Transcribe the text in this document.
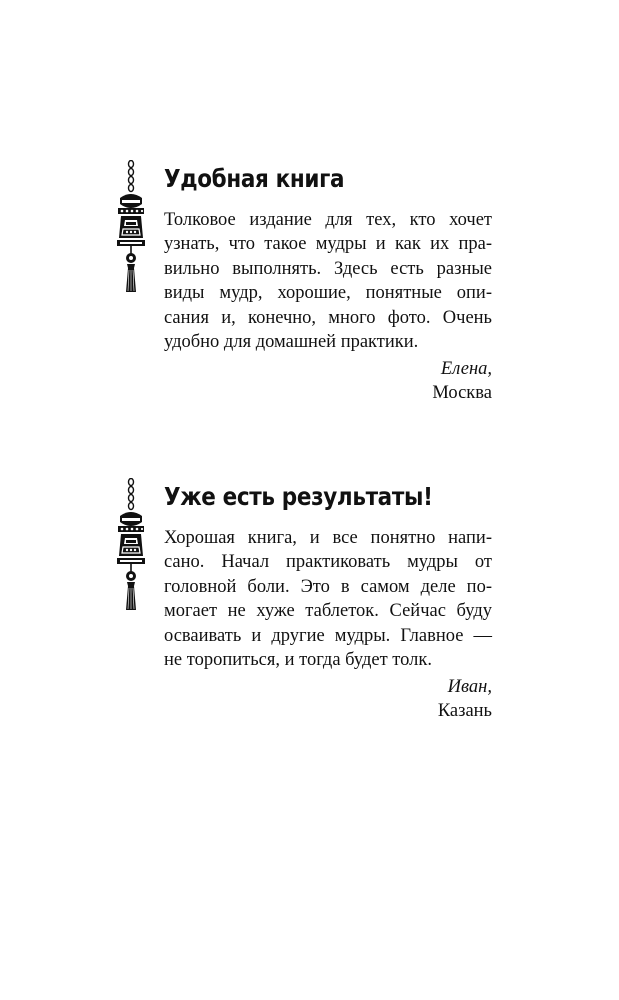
Удобная книга
Толковое издание для тех, кто хочет
узнать, что такое мудры и как их пра-
вильно выполнять. Здесь есть разные
виды мудр, хорошие, понятные опи-
сания и, конечно, много фото. Очень
удобно для домашней практики.
Елена,
Москва
Уже есть результаты!
Хорошая книга, и все понятно напи-
сано. Начал практиковать мудры от
головной боли. Это в самом деле по-
могает не хуже таблеток. Сейчас буду
осваивать и другие мудры. Главное —
не торопиться, и тогда будет толк.
Иван,
Казань
